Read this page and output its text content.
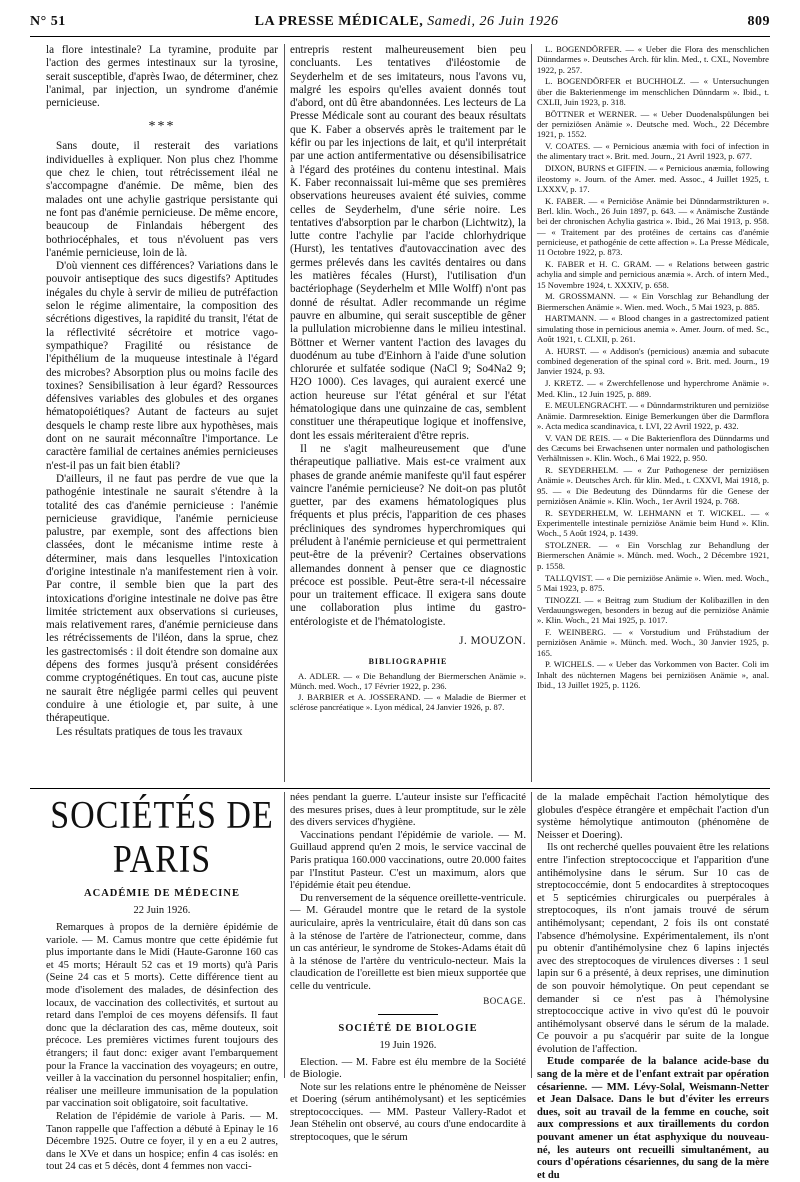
N° 51	LA PRESSE MÉDICALE, Samedi, 26 Juin 1926	809

la flore intestinale? La tyramine, produite par l'action des germes intestinaux sur la tyrosine, serait susceptible, d'après Iwao, de déterminer, chez l'animal, par injection, un syndrome d'anémie pernicieuse.

***

Sans doute, il resterait des variations individuelles à expliquer. Non plus chez l'homme que chez le chien, tout rétrécissement iléal ne s'accompagne d'anémie. De même, bien des malades ont une achylie gastrique persistante qui ne font pas d'anémie pernicieuse. De même encore, beaucoup de Finlandais hébergent des bothriocéphales, et tous n'évoluent pas vers l'anémie pernicieuse, loin de là.

D'où viennent ces différences? Variations dans le pouvoir antiseptique des sucs digestifs? Aptitudes inégales du chyle à servir de milieu de putréfaction selon le régime alimentaire, la composition des sécrétions digestives, la rapidité du transit, l'état de la réflectivité sécrétoire et motrice vago-sympathique? Fragilité ou résistance de l'épithélium de la muqueuse intestinale à l'égard des microbes? Absorption plus ou moins facile des toxines? Sensibilisation à leur égard? Ressources défensives variables des globules et des organes hématopoiétiques? Autant de facteurs au sujet desquels le champ reste libre aux hypothèses, mais dont on ne saurait méconnaître l'importance. Le caractère familial de certaines anémies pernicieuses n'est-il pas un fait bien établi?

D'ailleurs, il ne faut pas perdre de vue que la pathogénie intestinale ne saurait s'étendre à la totalité des cas d'anémie pernicieuse : l'anémie pernicieuse gravidique, l'anémie pernicieuse palustre, par exemple, sont des affections bien classées, dont le mécanisme intime reste à déterminer, mais dans lesquelles l'intoxication d'origine intestinale n'a manifestement rien à voir. Par contre, il semble bien que la part des intoxications d'origine intestinale ne doive pas être limitée strictement aux observations si curieuses, mais relativement rares, d'anémie pernicieuse dans les rétrécissements de l'iléon, dans la sprue, chez les gastrectomisés : il doit étendre son domaine aux dépens des formes jusqu'à présent considérées comme cryptogénétiques. En tout cas, aucune piste ne saurait être négligée parmi celles qui peuvent conduire à une étiologie et, par suite, à une thérapeutique.

Les résultats pratiques de tous les travaux

entrepris restent malheureusement bien peu concluants. Les tentatives d'iléostomie de Seyderhelm et de ses imitateurs, nous l'avons vu, malgré les espoirs qu'elles avaient donnés tout d'abord, ont dû être abandonnées. Les lecteurs de La Presse Médicale sont au courant des beaux résultats que K. Faber a observés après le traitement par le kéfir ou par les injections de lait, et qu'il interprétait par une action antifermentative ou désensibilisatrice à l'égard des protéines du contenu intestinal. Mais K. Faber reconnaissait lui-même que ses premières observations heureuses avaient été suivies, comme celles de Seyderhelm, d'une série noire. Les tentatives d'absorption par le charbon (Lichtwitz), la lutte contre l'achylie par l'acide chlorhydrique (Hurst), les tentatives d'autovaccination avec des germes prélevés dans les cavités dentaires ou dans les matières fécales (Hurst), l'utilisation d'un bactériophage (Seyderhelm et Mlle Wolff) n'ont pas donné de résultat. Adler recommande un régime pauvre en albumine, qui serait susceptible de gêner la pullulation microbienne dans le milieu intestinal. Böttner et Werner vantent l'action des lavages du duodénum au tube d'Einhorn à l'aide d'une solution chlorurée et sulfatée sodique (NaCl 9; So4Na2 9; H2O 1000). Ces lavages, qui auraient exercé une action heureuse sur l'état général et sur l'état hématologique dans une quinzaine de cas, semblent constituer une thérapeutique logique et inoffensive, dont les essais mériteraient d'être repris.

Il ne s'agit malheureusement que d'une thérapeutique palliative. Mais est-ce vraiment aux phases de grande anémie manifeste qu'il faut espérer vaincre l'anémie pernicieuse? Ne doit-on pas plutôt guetter, par des examens hématologiques plus fréquents et plus précis, l'apparition de ces phases précliniques des syndromes hyperchromiques qui préludent à l'anémie pernicieuse et qui permettraient peut-être de la prévenir? Certaines observations allemandes donnent à penser que ce diagnostic précoce est possible. Peut-être sera-t-il nécessaire pour un traitement efficace. Il exigera sans doute une collaboration plus intime du gastro-entérologiste et de l'hématologiste.

J. MOUZON.
BIBLIOGRAPHIE

A. ADLER. — « Die Behandlung der Biermerschen Anämie ». Münch. med. Woch., 17 Février 1922, p. 236.

J. BARBIER et A. JOSSERAND. — « Maladie de Biermer et sclérose pancréatique ». Lyon médical, 24 Janvier 1926, p. 87.

L. BOGENDÖRFER. — « Ueber die Flora des menschlichen Dünndarmes ». Deutsches Arch. für klin. Med., t. CXL, Novembre 1922, p. 257.

L. BOGENDÖRFER et BUCHHOLZ. — « Untersuchungen über die Bakterienmenge im menschlichen Dünndarm ». Ibid., t. CXLII, Juin 1923, p. 318.

BÖTTNER et WERNER. — « Ueber Duodenalspülungen bei der perniziösen Anämie ». Deutsche med. Woch., 22 Décembre 1921, p. 1552.

V. COATES. — « Pernicious anæmia with foci of infection in the alimentary tract ». Brit. med. Journ., 21 Avril 1923, p. 677.

DIXON, BURNS et GIFFIN. — « Pernicious anæmia, following ileostomy ». Journ. of the Amer. med. Assoc., 4 Juillet 1925, t. LXXXV, p. 17.

K. FABER. — « Perniciöse Anämie bei Dünndarmstrikturen ». Berl. klin. Woch., 26 Juin 1897, p. 643. — « Anämische Zustände bei der chronischen Achylia gastrica ». Ibid., 26 Mai 1913, p. 958. — « Traitement par des protéines de certains cas d'anémie pernicieuse, et pathogénie de cette affection ». La Presse Médicale, 11 Octobre 1922, p. 873.

K. FABER et H. C. GRAM. — « Relations between gastric achylia and simple and pernicious anæmia ». Arch. of intern Med., 15 Novembre 1924, t. XXXIV, p. 658.

M. GROSSMANN. — « Ein Vorschlag zur Behandlung der Biermerschen Anämie ». Wien. med. Woch., 5 Mai 1923, p. 885.

HARTMANN. — « Blood changes in a gastrectomized patient simulating those in pernicious anemia ». Amer. Journ. of med. Sc., Août 1921, t. CLXII, p. 261.

A. HURST. — « Addison's (pernicious) anæmia and subacute combined degeneration of the spinal cord ». Brit. med. Journ., 19 Janvier 1924, p. 93.

J. KRETZ. — « Zwerchfellenose und hyperchrome Anämie ». Med. Klin., 12 Juin 1925, p. 889.

E. MEULENGRACHT. — « Dünndarmstrikturen und perniziöse Anämie. Darmresektion. Einige Bemerkungen über die Darmflora ». Acta medica scandinavica, t. LVI, 22 Avril 1922, p. 432.

V. VAN DE REIS. — « Die Bakterienflora des Dünndarms und des Cæcums bei Erwachsenen unter normalen und pathologischen Verhältnissen ». Klin. Woch., 6 Mai 1922, p. 950.

R. SEYDERHELM. — « Zur Pathogenese der perniziösen Anämie ». Deutsches Arch. für klin. Med., t. CXXVI, Mai 1918, p. 95. — « Die Bedeutung des Dünndarms für die Genese der perniziösen Anämie ». Klin. Woch., 1er Avril 1924, p. 768.

R. SEYDERHELM, W. LEHMANN et T. WICKEL. — « Experimentelle intestinale perniziöse Anämie beim Hund ». Klin. Woch., 5 Août 1924, p. 1439.

STOLZNER. — « Ein Vorschlag zur Behandlung der Biermerschen Anämie ». Münch. med. Woch., 2 Décembre 1921, p. 1558.

TALLQVIST. — « Die perniziöse Anämie ». Wien. med. Woch., 5 Mai 1923, p. 875.

TINOZZI. — « Beitrag zum Studium der Kolibazillen in den Verdauungswegen, besonders in bezug auf die perniziöse Anämie ». Klin. Woch., 21 Mai 1925, p. 1017.

F. WEINBERG. — « Vorstudium und Frühstadium der perniziösen Anämie ». Münch. med. Woch., 30 Janvier 1925, p. 165.

P. WICHELS. — « Ueber das Vorkommen von Bacter. Coli im Inhalt des nüchternen Magens bei perniziösen Anämie », anal. Ibid., 13 Juillet 1925, p. 1126.

SOCIÉTÉS DE PARIS
ACADÉMIE DE MÉDECINE
22 Juin 1926.

Remarques à propos de la dernière épidémie de variole. — M. Camus montre que cette épidémie fut plus importante dans le Midi (Haute-Garonne 160 cas et 45 morts; Hérault 52 cas et 19 morts) qu'à Paris (Seine 24 cas et 5 morts). Cette différence tient au mode d'isolement des malades, de désinfection des locaux, de vaccination des collectivités, et surtout au retard dans l'emploi de ces moyens défensifs. Il faut donc que la déclaration des cas, même douteux, soit précoce. Les premières victimes furent toujours des étrangers; il faut donc: exiger avant l'embarquement pour la France la vaccination des voyageurs; en outre, veiller à la vaccination du personnel hospitalier; enfin, réaliser une meilleure immunisation de la population par vaccination soit obligatoire, soit facultative.

Relation de l'épidémie de variole à Paris. — M. Tanon rappelle que l'affection a débuté à Epinay le 16 Décembre 1925. Outre ce foyer, il y en a eu 2 autres, dans le XVe et dans un hospice; enfin 4 cas isolés: en tout 24 cas et 5 décès, dont 4 femmes non vacci-

nées pendant la guerre. L'auteur insiste sur l'efficacité des mesures prises, dues à leur promptitude, sur le zèle des divers services d'hygiène.

Vaccinations pendant l'épidémie de variole. — M. Guillaud apprend qu'en 2 mois, le service vaccinal de Paris pratiqua 160.000 vaccinations, outre 20.000 faites par l'Institut Pasteur. C'est un maximum, alors que l'épidémie était peu étendue.

Du renversement de la séquence oreillette-ventricule. — M. Géraudel montre que le retard de la systole auriculaire, après la ventriculaire, était dû dans son cas à la sténose de l'artère de l'atrionecteur, comme, dans un cas antérieur, le syndrome de Stokes-Adams était dû à la sténose de l'artère du ventriculo-necteur. Mais la claudication de l'oreillette est bien mieux supportée que celle du ventricule.

BOCAGE.
SOCIÉTÉ DE BIOLOGIE
19 Juin 1926.

Election. — M. Fabre est élu membre de la Société de Biologie.

Note sur les relations entre le phénomène de Neisser et Doering (sérum antihémolysant) et les septicémies streptococciques. — MM. Pasteur Vallery-Radot et Jean Stéhelin ont observé, au cours d'une endocardite à streptocoques, que le sérum

de la malade empêchait l'action hémolytique des globules d'espèce étrangère et empêchait l'action d'un système hémolytique antimouton (phénomène de Neisser et Doering).

Ils ont recherché quelles pouvaient être les relations entre l'infection streptococcique et l'apparition d'une antihémolysine dans le sérum. Sur 10 cas de streptococcémie, dont 5 endocardites à streptocoques et 5 septicémies chirurgicales ou puerpérales à streptocoques, ils n'ont jamais trouvé de sérum antihémolysant; cependant, 2 fois ils ont constaté l'absence d'hémolysine. Expérimentalement, ils n'ont pu obtenir d'antihémolysine chez 6 lapins injectés avec des streptocoques de virulences diverses : 1 seul lapin sur 6 a présenté, à deux reprises, une diminution de son pouvoir hémolytique. On peut cependant se demander si ce n'est pas à l'hémolysine streptococcique active in vivo qu'est dû le pouvoir antihémolysant observé dans le sérum de la malade. Ce pouvoir a pu s'acquérir par suite de la longue évolution de l'affection.

Etude comparée de la balance acide-base du sang de la mère et de l'enfant extrait par opération césarienne. — MM. Lévy-Solal, Weismann-Netter et Jean Dalsace. Dans le but d'éviter les erreurs dues, soit au travail de la femme en couche, soit aux compressions et aux tiraillements du cordon pouvant amener un état asphyxique du nouveau-né, les auteurs ont recueilli simultanément, au cours d'opérations césariennes, du sang de la mère et du
